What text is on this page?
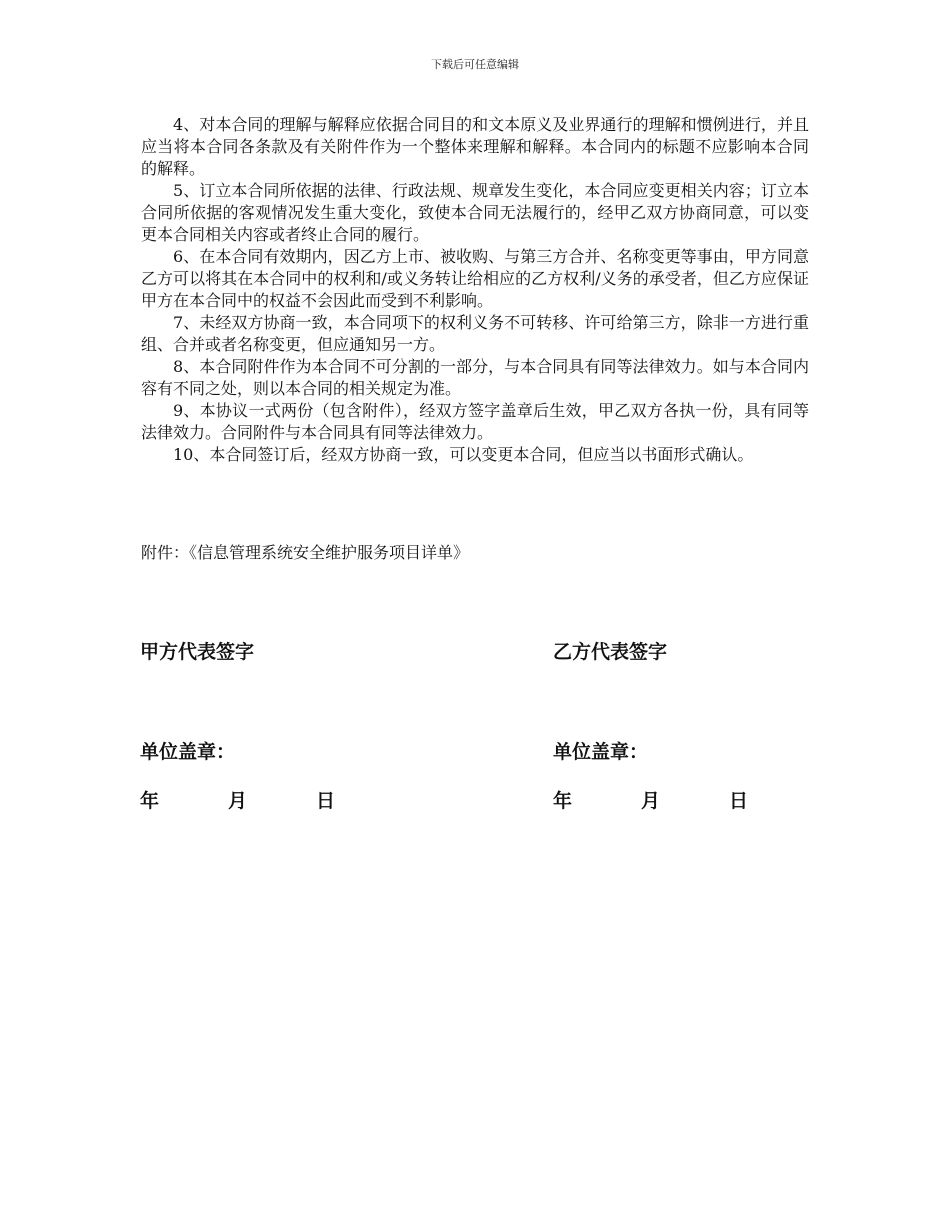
下载后可任意编辑

4、对本合同的理解与解释应依据合同目的和文本原义及业界通行的理解和惯例进行，并且应当将本合同各条款及有关附件作为一个整体来理解和解释。本合同内的标题不应影响本合同的解释。

5、订立本合同所依据的法律、行政法规、规章发生变化，本合同应变更相关内容；订立本合同所依据的客观情况发生重大变化，致使本合同无法履行的，经甲乙双方协商同意，可以变更本合同相关内容或者终止合同的履行。

6、在本合同有效期内，因乙方上市、被收购、与第三方合并、名称变更等事由，甲方同意乙方可以将其在本合同中的权利和/或义务转让给相应的乙方权利/义务的承受者，但乙方应保证甲方在本合同中的权益不会因此而受到不利影响。

7、未经双方协商一致，本合同项下的权利义务不可转移、许可给第三方，除非一方进行重组、合并或者名称变更，但应通知另一方。

8、本合同附件作为本合同不可分割的一部分，与本合同具有同等法律效力。如与本合同内容有不同之处，则以本合同的相关规定为准。

9、本协议一式两份（包含附件），经双方签字盖章后生效，甲乙双方各执一份，具有同等法律效力。合同附件与本合同具有同等法律效力。

10、本合同签订后，经双方协商一致，可以变更本合同，但应当以书面形式确认。

附件：《信息管理系统安全维护服务项目详单》
甲方代表签字	乙方代表签字
单位盖章：	单位盖章：
年	月	日	年	月	日
